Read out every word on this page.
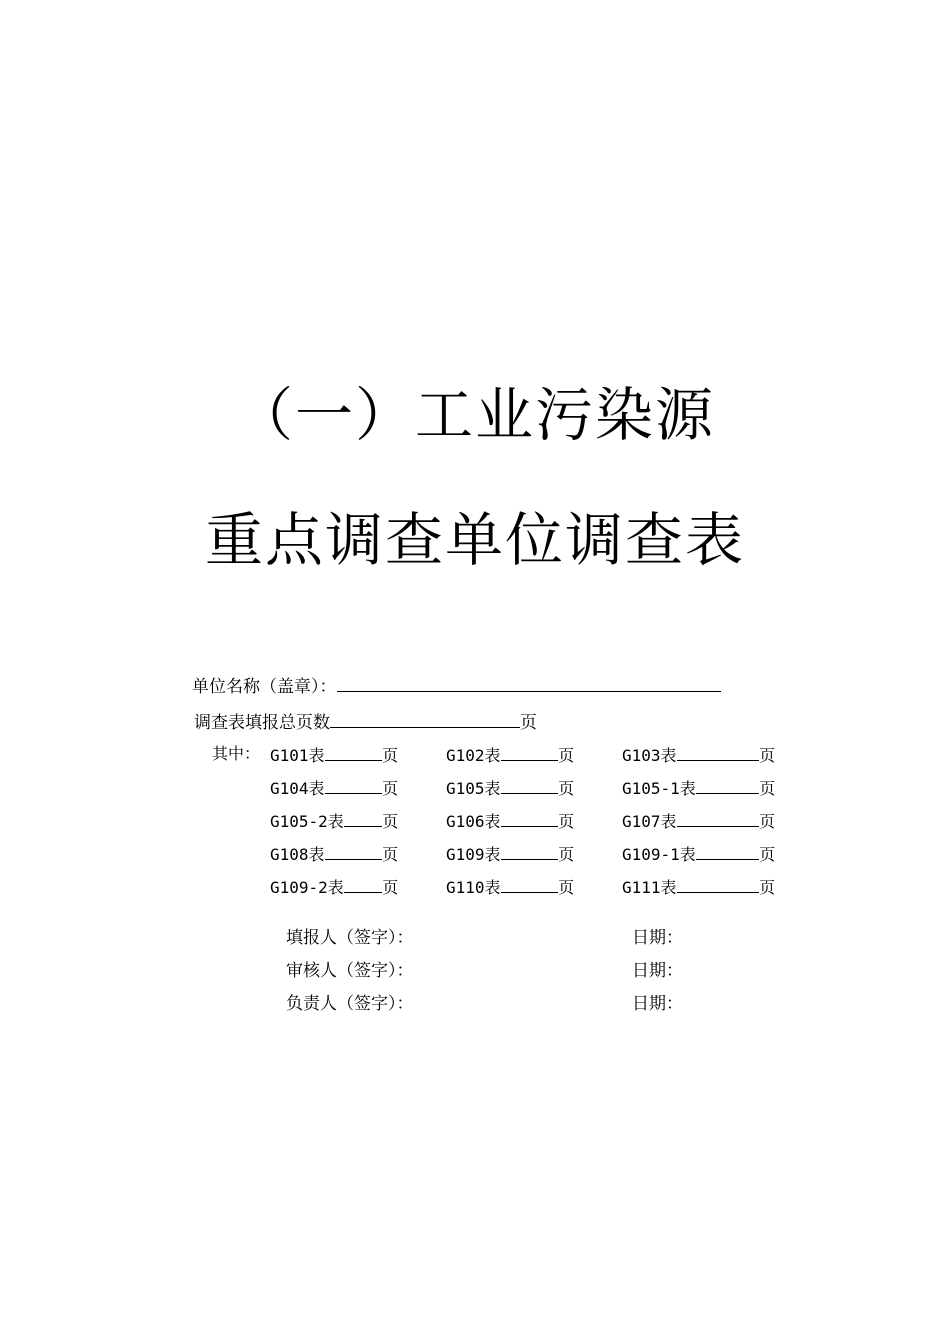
（一）工业污染源
重点调查单位调查表
单位名称（盖章）：
调查表填报总页数	页
其中： G101表	页	G102表	页	G103表	页
G104表	页	G105表	页	G105-1表	页
G105-2表 页	G106表	页	G107表	页
G108表	页	G109表	页	G109-1表	页
G109-2表 页	G110表	页	G111表	页
填报人（签字）：	日期：
审核人（签字）：	日期：
负责人（签字）：	日期：
